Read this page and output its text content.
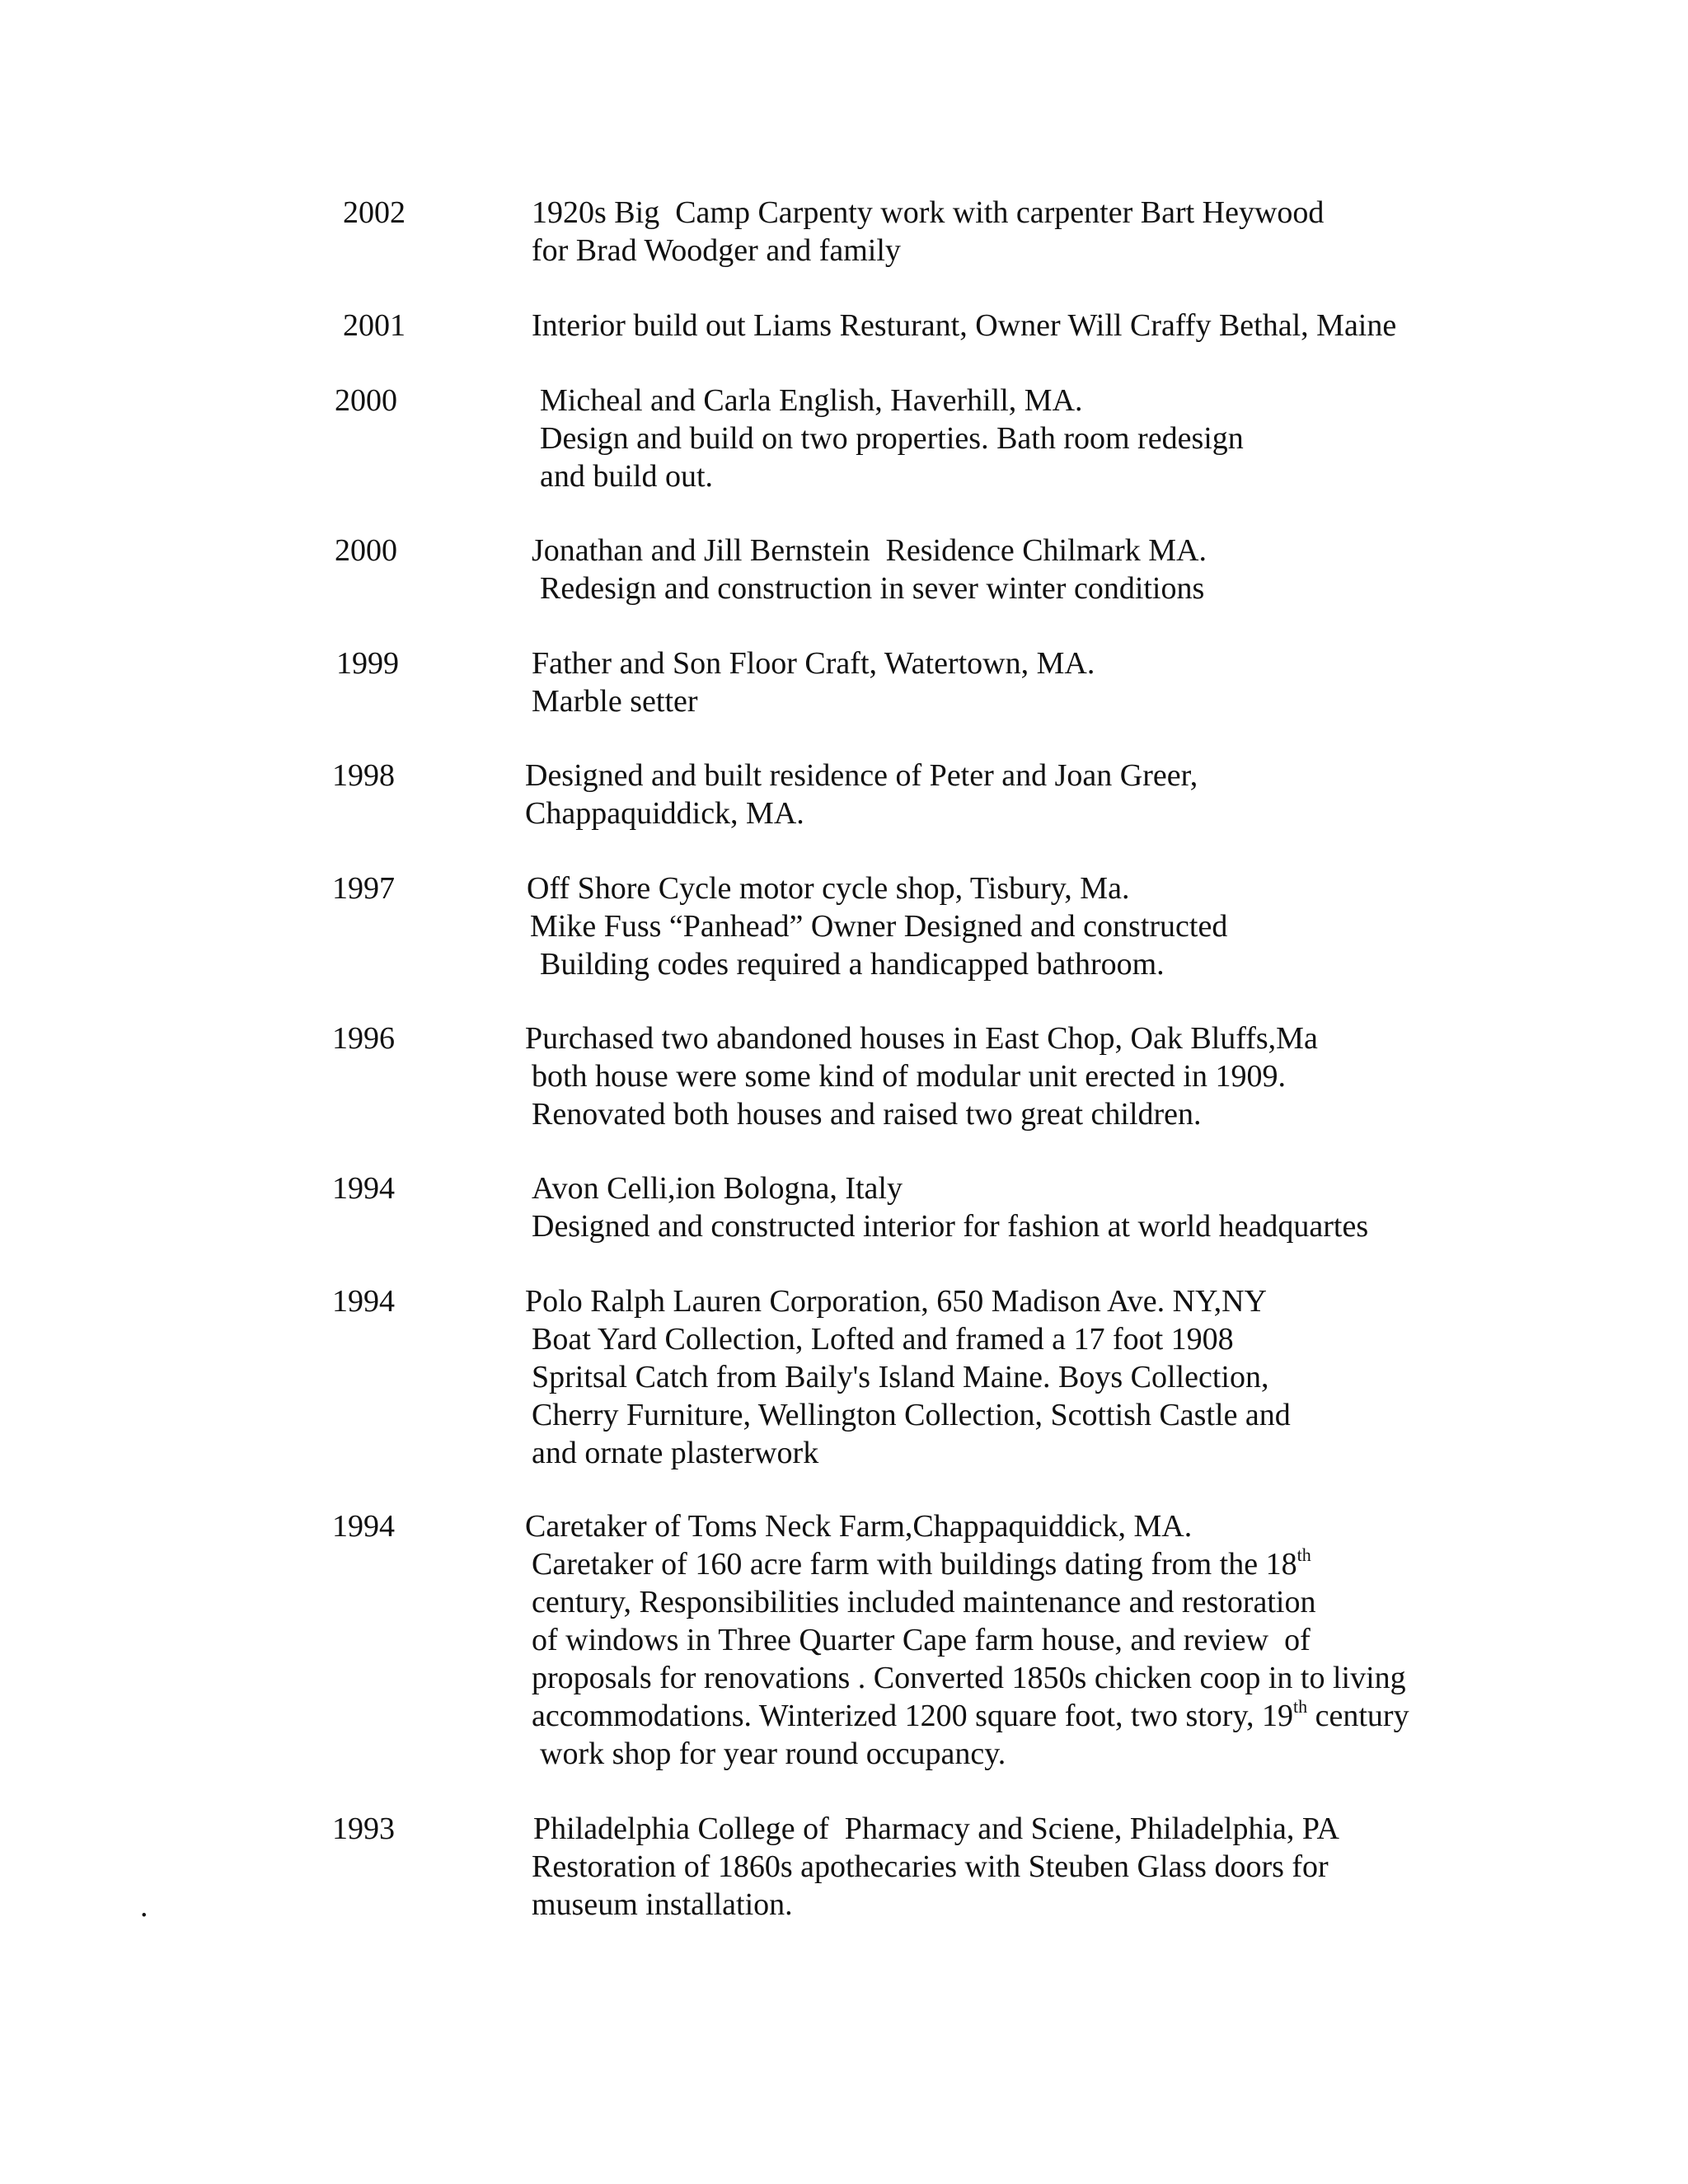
2002	1920s Big  Camp Carpenty work with carpenter Bart Heywood
for Brad Woodger and family
2001	Interior build out Liams Resturant, Owner Will Craffy Bethal, Maine
2000	Micheal and Carla English, Haverhill, MA.
Design and build on two properties. Bath room redesign
and build out.
2000	Jonathan and Jill Bernstein  Residence Chilmark MA.
Redesign and construction in sever winter conditions
1999	Father and Son Floor Craft, Watertown, MA.
Marble setter
1998	Designed and built residence of Peter and Joan Greer,
Chappaquiddick, MA.
1997	Off Shore Cycle motor cycle shop, Tisbury, Ma.
Mike Fuss “Panhead” Owner Designed and constructed
Building codes required a handicapped bathroom.
1996	Purchased two abandoned houses in East Chop, Oak Bluffs,Ma
both house were some kind of modular unit erected in 1909.
Renovated both houses and raised two great children.
1994	Avon Celli,ion Bologna, Italy
Designed and constructed interior for fashion at world headquartes
1994	Polo Ralph Lauren Corporation, 650 Madison Ave. NY,NY
Boat Yard Collection, Lofted and framed a 17 foot 1908
Spritsal Catch from Baily's Island Maine. Boys Collection,
Cherry Furniture, Wellington Collection, Scottish Castle and
and ornate plasterwork
1994	Caretaker of Toms Neck Farm,Chappaquiddick, MA.
Caretaker of 160 acre farm with buildings dating from the 18th
century, Responsibilities included maintenance and restoration
of windows in Three Quarter Cape farm house, and review  of
proposals for renovations . Converted 1850s chicken coop in to living
accommodations. Winterized 1200 square foot, two story, 19th century
work shop for year round occupancy.
1993	Philadelphia College of  Pharmacy and Sciene, Philadelphia, PA
Restoration of 1860s apothecaries with Steuben Glass doors for
museum installation.
.
